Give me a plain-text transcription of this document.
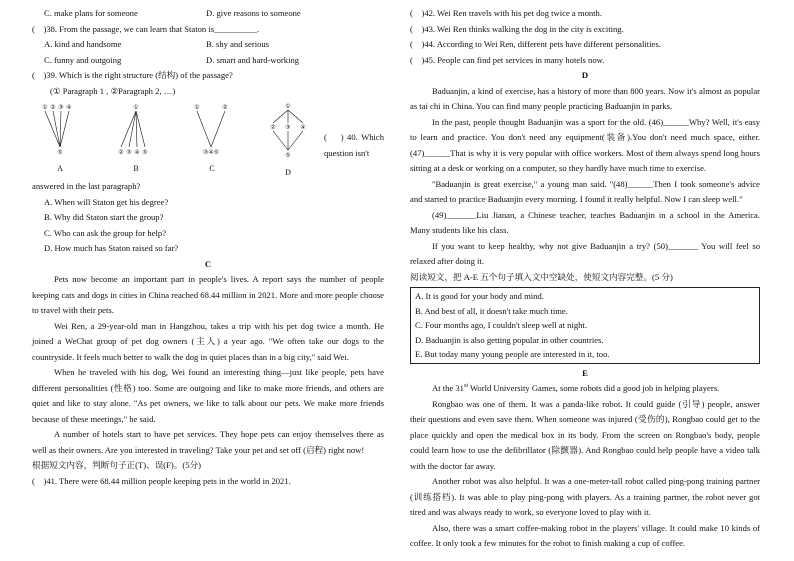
C. make plans for someone	D. give reasons to someone
(    )38. From the passage, we can learn that Staton is__________.
A. kind and handsome	B. shy and serious
C. funny and outgoing	D. smart and hard-working
(    )39. Which is the right structure (结构) of the passage?
(① Paragraph 1 , ②Paragraph 2, …)
① ② ③ ④
⑤
A
①
② ③ ④ ⑤
B
①	②
③④⑤
C
①
② ③ ④
⑤
D
(    ) 40. Which question isn't
answered in the last paragraph?
A. When will Staton get his degree?
B. Why did Staton start the group?
C. Who can ask the group for help?
D. How much has Staton raised so far?
C
Pets now become an important part in people's lives. A report says the number of people keeping cats and dogs in cities in China reached 68.44 million in 2021. More and more people choose to travel with their pets.
Wei Ren, a 29-year-old man in Hangzhou, takes a trip with his pet dog twice a month. He joined a WeChat group of pet dog owners (主人) a year ago. "We often take our dogs to the countryside. It feels much better to walk the dog in quiet places than in a big city," said Wei.
When he traveled with his dog, Wei found an interesting thing—just like people, pets have different personalities (性格) too. Some are outgoing and like to make more friends, and others are quiet and like to stay alone. "As pet owners, we like to talk about our pets. We make more friends because of these meetings," he said.
A number of hotels start to have pet services. They hope pets can enjoy themselves there as well as their owners. Are you interested in traveling? Take your pet and set off (启程) right now!
根据短文内容，判断句子正(T)、误(F)。(5分)
(    )41. There were 68.44 million people keeping pets in the world in 2021.
(    )42. Wei Ren travels with his pet dog twice a month.
(    )43. Wei Ren thinks walking the dog in the city is exciting.
(    )44. According to Wei Ren, different pets have different personalities.
(    )45. People can find pet services in many hotels now.
D
Baduanjin, a kind of exercise, has a history of more than 800 years. Now it's almost as popular as tai chi in China. You can find many people practicing Baduanjin in parks.
In the past, people thought Baduanjin was a sport for the old. (46)______Why? Well, it's easy to learn and practice. You don't need any equipment(装备).You don't need much space, either. (47)______That is why it is very popular with office workers. Most of them always spend long hours sitting at a desk or working on a computer, so they hardly have much time to exercise.
"Baduanjin is great exercise," a young man said. "(48)______Then I took someone's advice and started to practice Baduanjin every morning. I found it really helpful. Now I can sleep well."
(49)_______Liu Jianan, a Chinese teacher, teaches Baduanjin in a school in the America. Many students like his class.
If you want to keep healthy, why not give Baduanjin a try? (50)_______ You will feel so relaxed after doing it.
阅读短文，把 A-E 五个句子填入文中空缺处，使短文内容完整。(5 分)
A. It is good for your body and mind.
B. And best of all, it doesn't take much time.
C. Four months ago, I couldn't sleep well at night.
D. Baduanjin is also getting popular in other countries.
E. But today many young people are interested in it, too.
E
At the 31st World University Games, some robots did a good job in helping players.
Rongbao was one of them. It was a panda-like robot. It could guide (引导) people, answer their questions and even save them. When someone was injured (受伤的), Rongbao could get to the place quickly and open the medical box in its body. From the screen on Rongbao's body, people could learn how to use the defibrillator (除颤器). And Rongbao could help people have a video talk with the doctor far away.
Another robot was also helpful. It was a one-meter-tall robot called ping-pong training partner (训练搭档). It was able to play ping-pong with players. As a training partner, the robot never got tired and was always ready to work, so everyone loved to play with it.
Also, there was a smart coffee-making robot in the players' village. It could make 10 kinds of coffee. It only took a few minutes for the robot to finish making a cup of coffee.
